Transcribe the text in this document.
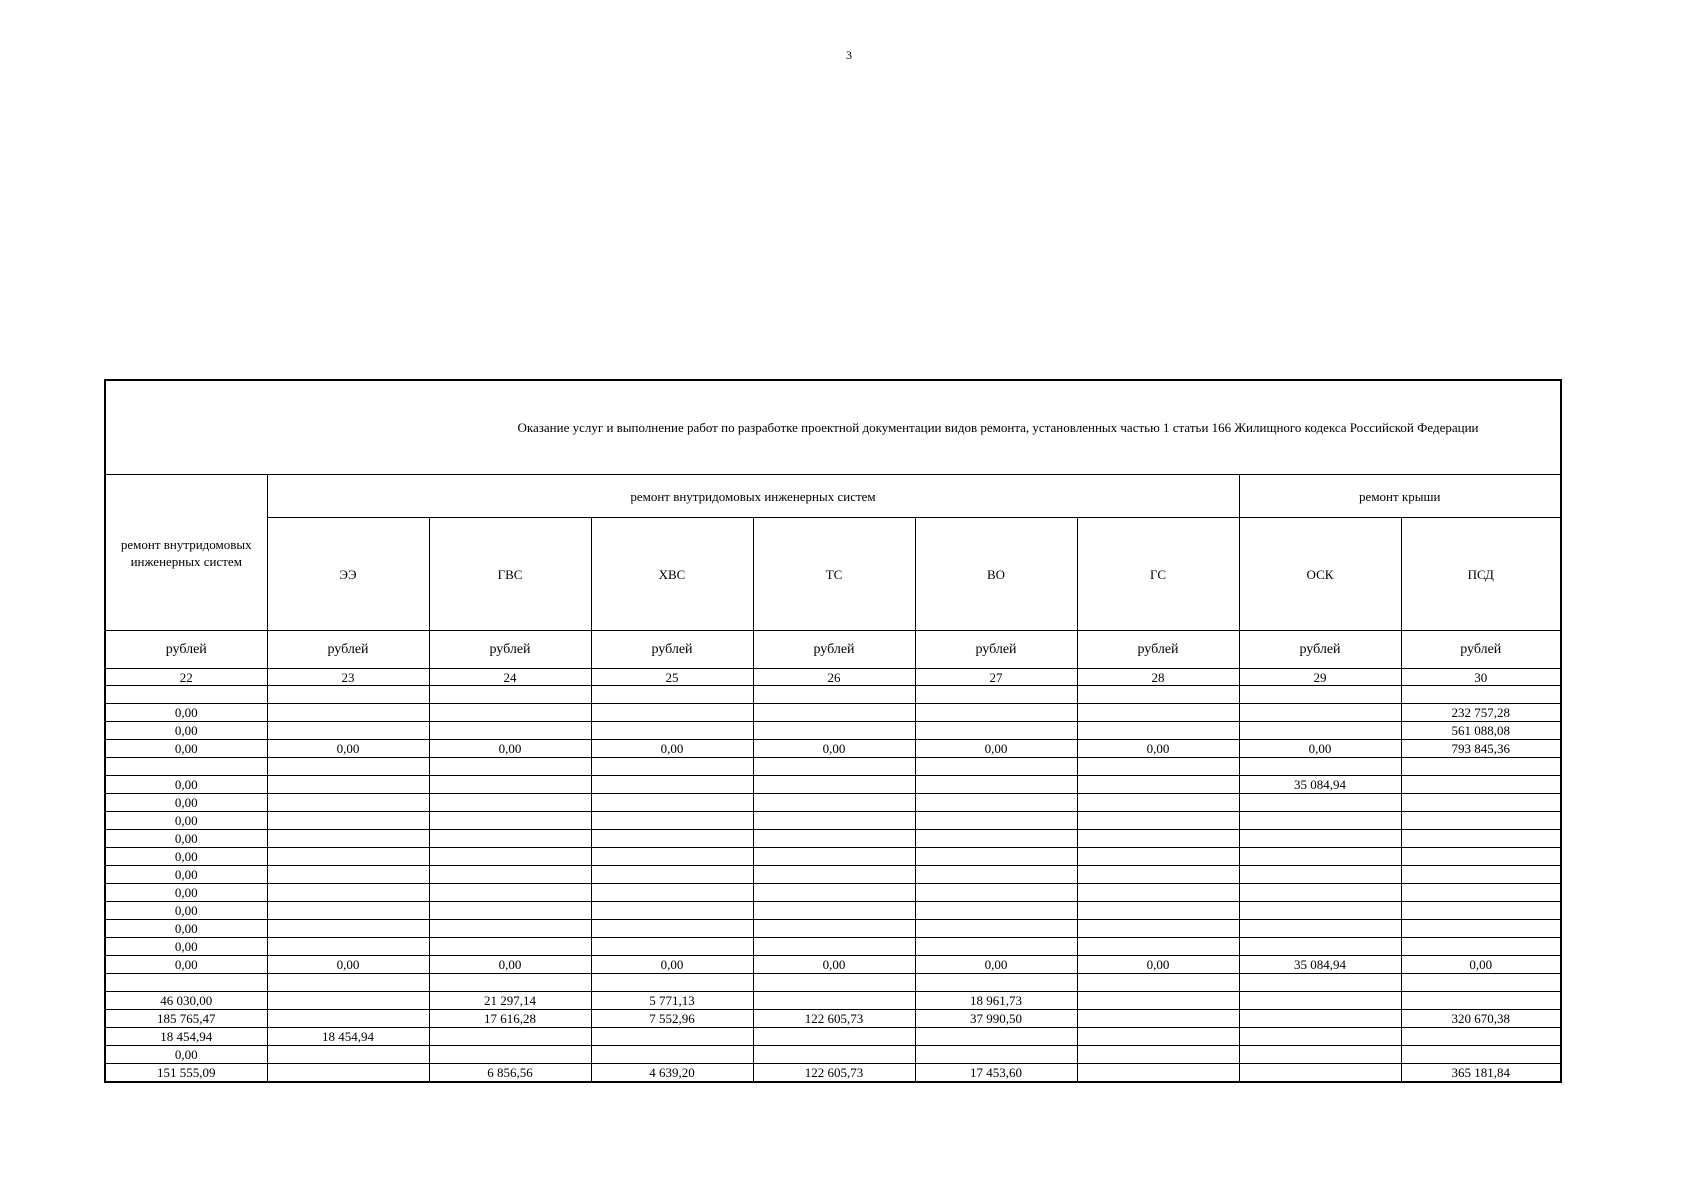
3
Оказание услуг и выполнение работ по разработке проектной документации видов ремонта, установленных частью 1 статьи 166 Жилищного кодекса Российской Федерации								
ремонт внутридомовых инженерных систем	ремонт внутридомовых инженерных систем						ремонт крыши	
	ЭЭ	ГВС	ХВС	ТС	ВО	ГС	ОСК	ПСД
рублей	рублей	рублей	рублей	рублей	рублей	рублей	рублей	рублей
22	23	24	25	26	27	28	29	30

0,00								232 757,28
0,00								561 088,08
0,00	0,00	0,00	0,00	0,00	0,00	0,00	0,00	793 845,36

0,00							35 084,94	
0,00								
0,00								
0,00								
0,00								
0,00								
0,00								
0,00								
0,00								
0,00								
0,00	0,00	0,00	0,00	0,00	0,00	0,00	35 084,94	0,00

46 030,00		21 297,14	5 771,13		18 961,73			
185 765,47		17 616,28	7 552,96	122 605,73	37 990,50			320 670,38
18 454,94	18 454,94							
0,00								
151 555,09		6 856,56	4 639,20	122 605,73	17 453,60			365 181,84
